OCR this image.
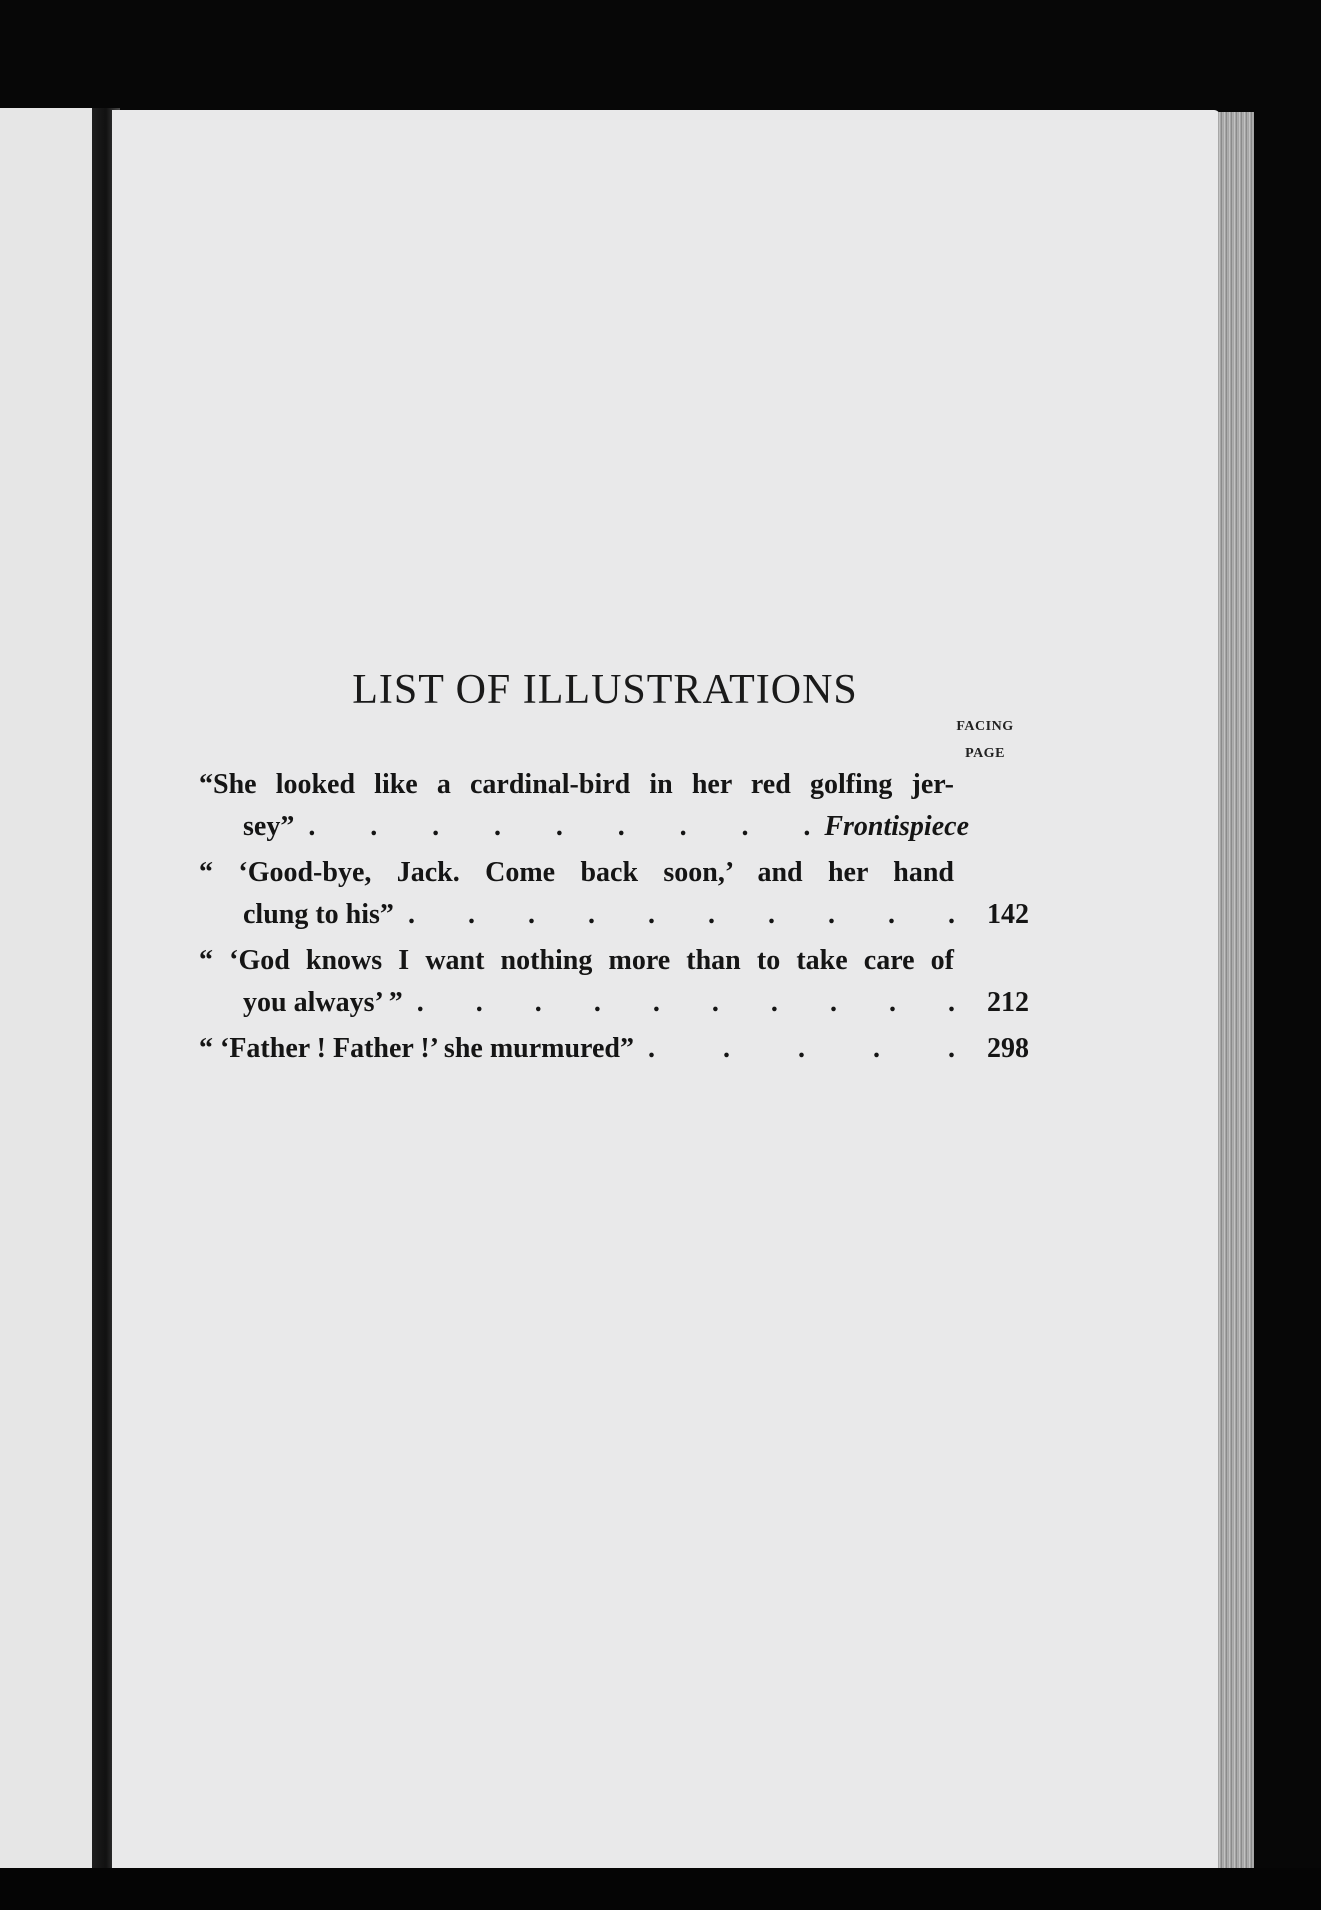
LIST OF ILLUSTRATIONS
FACING
PAGE
“She looked like a cardinal-bird in her red golfing jer-
sey” . . . . . . . . . Frontispiece
“ ‘Good-bye, Jack. Come back soon,’ and her hand
clung to his” . . . . . . . . . .	142
“ ‘God knows I want nothing more than to take care of
you always’ ” . . . . . . . . . .	212
“ ‘Father ! Father !’ she murmured” . . . . .	298
